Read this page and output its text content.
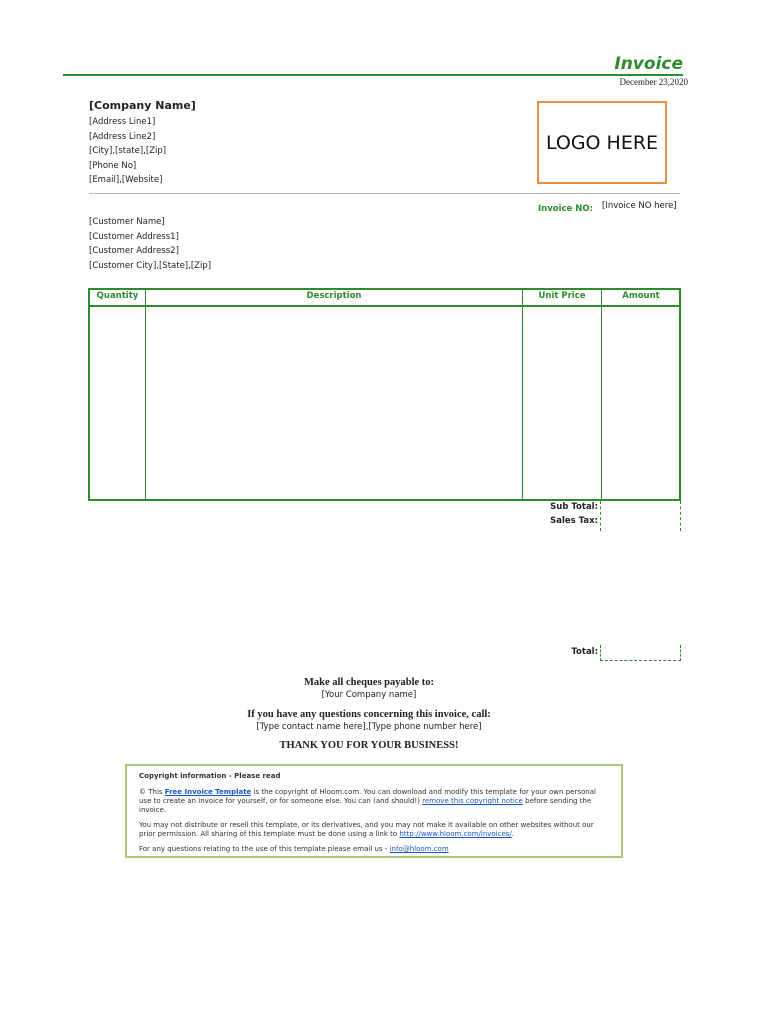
Invoice
December 23,2020
[Company Name]
[Address Line1]
[Address Line2]
[City],[state],[Zip]
[Phone No]
[Email],[Website]
LOGO HERE
Invoice NO: [Invoice NO here]
[Customer Name]
[Customer Address1]
[Customer Address2]
[Customer City],[State],[Zip]
Quantity	Description	Unit Price	Amount
Sub Total:
Sales Tax:
Total:
Make all cheques payable to:
[Your Company name]
If you have any questions concerning this invoice, call:
[Type contact name here],[Type phone number here]
THANK YOU FOR YOUR BUSINESS!
Copyright information - Please read

© This Free Invoice Template is the copyright of Hloom.com. You can download and modify this template for your own personal use to create an invoice for yourself, or for someone else. You can (and should!) remove this copyright notice before sending the invoice.

You may not distribute or resell this template, or its derivatives, and you may not make it available on other websites without our prior permission. All sharing of this template must be done using a link to http://www.hloom.com/invoices/.

For any questions relating to the use of this template please email us - info@hloom.com
